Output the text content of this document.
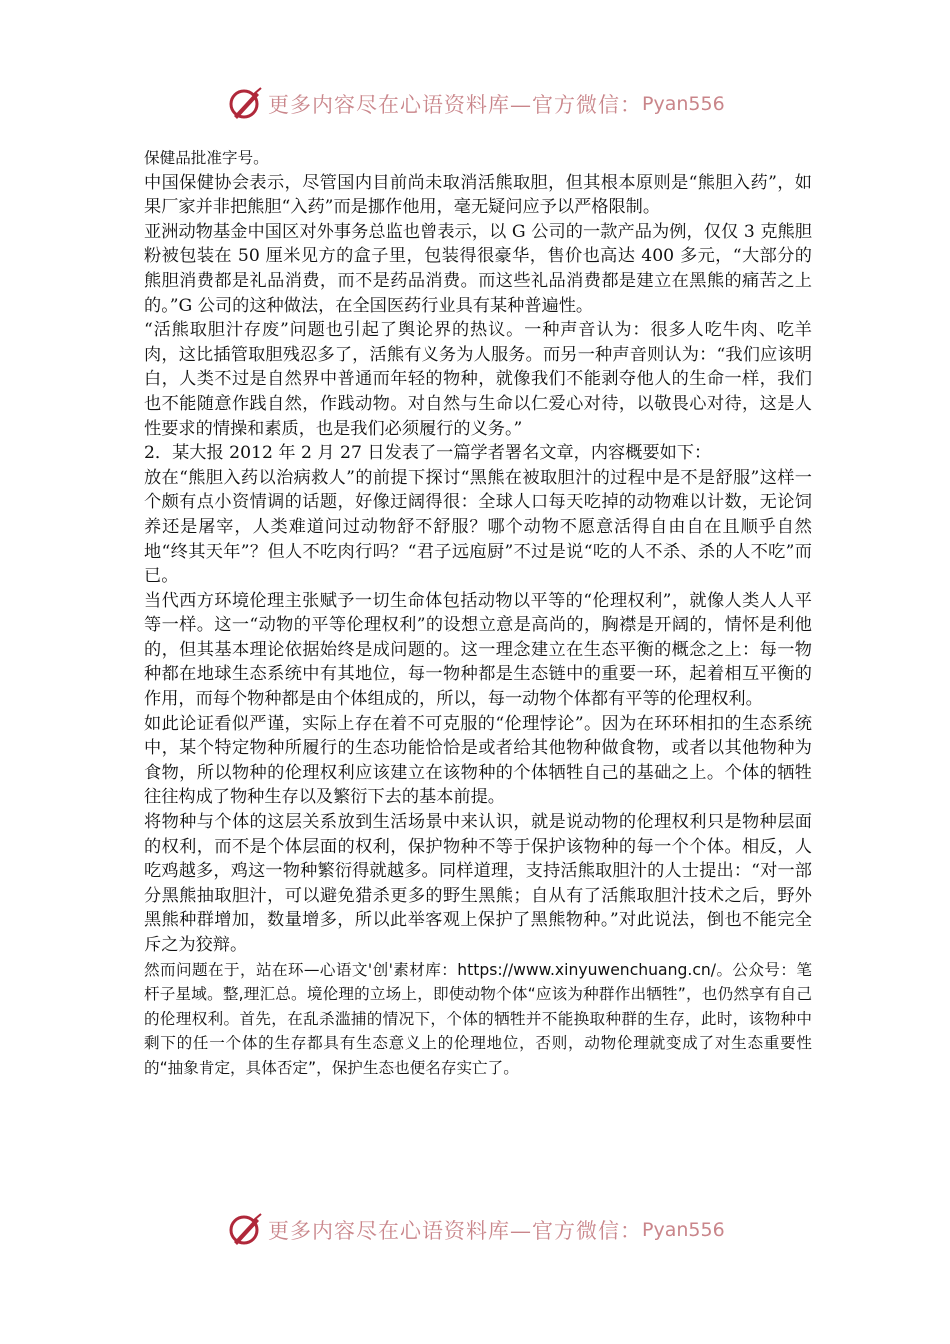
更多内容尽在心语资料库—官方微信： Pyan556

保健品批准字号。

中国保健协会表示，尽管国内目前尚未取消活熊取胆，但其根本原则是“熊胆入药”，如果厂家并非把熊胆“入药”而是挪作他用，毫无疑问应予以严格限制。

亚洲动物基金中国区对外事务总监也曾表示，以 G 公司的一款产品为例，仅仅 3 克熊胆粉被包装在 50 厘米见方的盒子里，包装得很豪华，售价也高达 400 多元，“大部分的熊胆消费都是礼品消费，而不是药品消费。而这些礼品消费都是建立在黑熊的痛苦之上的。”G 公司的这种做法，在全国医药行业具有某种普遍性。

“活熊取胆汁存废”问题也引起了舆论界的热议。一种声音认为：很多人吃牛肉、吃羊肉，这比插管取胆残忍多了，活熊有义务为人服务。而另一种声音则认为：“我们应该明白，人类不过是自然界中普通而年轻的物种，就像我们不能剥夺他人的生命一样，我们也不能随意作践自然，作践动物。对自然与生命以仁爱心对待，以敬畏心对待，这是人性要求的情操和素质，也是我们必须履行的义务。”

2．某大报 2012 年 2 月 27 日发表了一篇学者署名文章，内容概要如下：

放在“熊胆入药以治病救人”的前提下探讨“黑熊在被取胆汁的过程中是不是舒服”这样一个颇有点小资情调的话题，好像迂阔得很：全球人口每天吃掉的动物难以计数，无论饲养还是屠宰，人类难道问过动物舒不舒服？哪个动物不愿意活得自由自在且顺乎自然地“终其天年”？但人不吃肉行吗？“君子远庖厨”不过是说“吃的人不杀、杀的人不吃”而已。

当代西方环境伦理主张赋予一切生命体包括动物以平等的“伦理权利”，就像人类人人平等一样。这一“动物的平等伦理权利”的设想立意是高尚的，胸襟是开阔的，情怀是利他的，但其基本理论依据始终是成问题的。这一理念建立在生态平衡的概念之上：每一物种都在地球生态系统中有其地位，每一物种都是生态链中的重要一环，起着相互平衡的作用，而每个物种都是由个体组成的，所以，每一动物个体都有平等的伦理权利。

如此论证看似严谨，实际上存在着不可克服的“伦理悖论”。因为在环环相扣的生态系统中，某个特定物种所履行的生态功能恰恰是或者给其他物种做食物，或者以其他物种为食物，所以物种的伦理权利应该建立在该物种的个体牺牲自己的基础之上。个体的牺牲往往构成了物种生存以及繁衍下去的基本前提。

将物种与个体的这层关系放到生活场景中来认识，就是说动物的伦理权利只是物种层面的权利，而不是个体层面的权利，保护物种不等于保护该物种的每一个个体。相反，人吃鸡越多，鸡这一物种繁衍得就越多。同样道理，支持活熊取胆汁的人士提出：“对一部分黑熊抽取胆汁，可以避免猎杀更多的野生黑熊；自从有了活熊取胆汁技术之后，野外黑熊种群增加，数量增多，所以此举客观上保护了黑熊物种。”对此说法，倒也不能完全斥之为狡辩。

然而问题在于，站在环—心语文'创'素材库：https://www.xinyuwenchuang.cn/。公众号：笔杆子星域。整,理汇总。境伦理的立场上，即使动物个体“应该为种群作出牺牲”，也仍然享有自己的伦理权利。首先，在乱杀滥捕的情况下，个体的牺牲并不能换取种群的生存，此时，该物种中剩下的任一个体的生存都具有生态意义上的伦理地位，否则，动物伦理就变成了对生态重要性的“抽象肯定，具体否定”，保护生态也便名存实亡了。

更多内容尽在心语资料库—官方微信： Pyan556
